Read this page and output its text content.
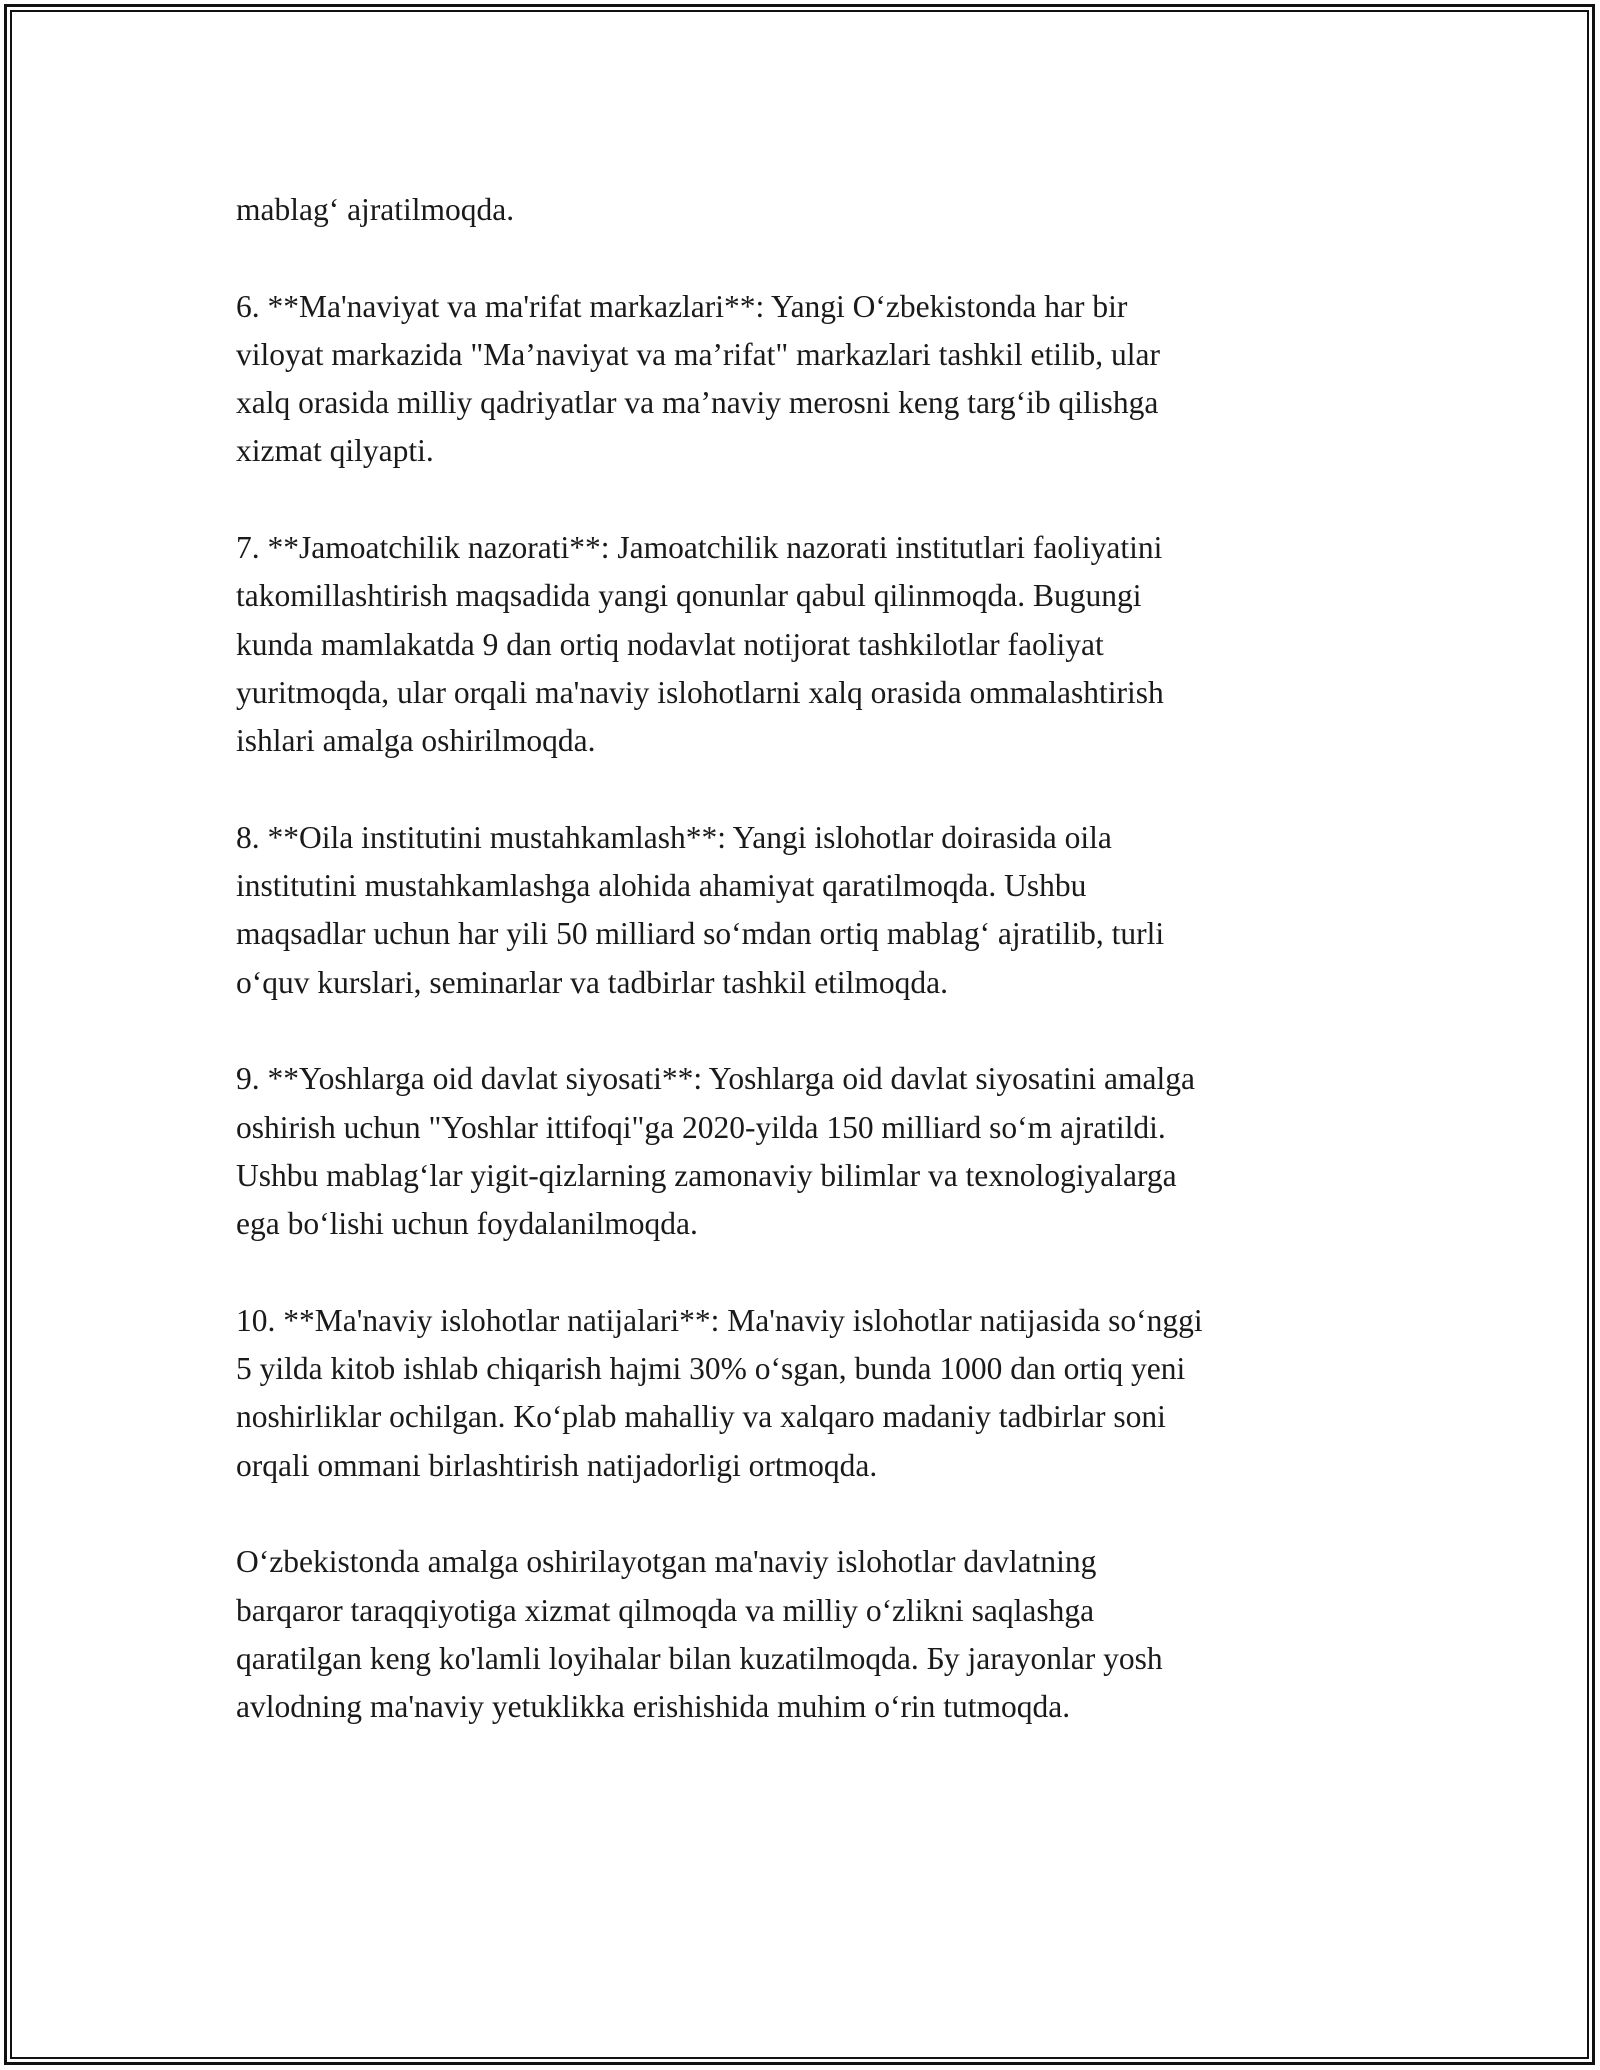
mablag‘ ajratilmoqda.

6. **Ma'naviyat va ma'rifat markazlari**: Yangi O‘zbekistonda har bir
viloyat markazida "Ma’naviyat va ma’rifat" markazlari tashkil etilib, ular
xalq orasida milliy qadriyatlar va ma’naviy merosni keng targ‘ib qilishga
xizmat qilyapti.

7. **Jamoatchilik nazorati**: Jamoatchilik nazorati institutlari faoliyatini
takomillashtirish maqsadida yangi qonunlar qabul qilinmoqda. Bugungi
kunda mamlakatda 9 dan ortiq nodavlat notijorat tashkilotlar faoliyat
yuritmoqda, ular orqali ma'naviy islohotlarni xalq orasida ommalashtirish
ishlari amalga oshirilmoqda.

8. **Oila institutini mustahkamlash**: Yangi islohotlar doirasida oila
institutini mustahkamlashga alohida ahamiyat qaratilmoqda. Ushbu
maqsadlar uchun har yili 50 milliard so‘mdan ortiq mablag‘ ajratilib, turli
o‘quv kurslari, seminarlar va tadbirlar tashkil etilmoqda.

9. **Yoshlarga oid davlat siyosati**: Yoshlarga oid davlat siyosatini amalga
oshirish uchun "Yoshlar ittifoqi"ga 2020-yilda 150 milliard so‘m ajratildi.
Ushbu mablag‘lar yigit-qizlarning zamonaviy bilimlar va texnologiyalarga
ega bo‘lishi uchun foydalanilmoqda.

10. **Ma'naviy islohotlar natijalari**: Ma'naviy islohotlar natijasida so‘nggi
5 yilda kitob ishlab chiqarish hajmi 30% o‘sgan, bunda 1000 dan ortiq yeni
noshirliklar ochilgan. Ko‘plab mahalliy va xalqaro madaniy tadbirlar soni
orqali ommani birlashtirish natijadorligi ortmoqda.

O‘zbekistonda amalga oshirilayotgan ma'naviy islohotlar davlatning
barqaror taraqqiyotiga xizmat qilmoqda va milliy o‘zlikni saqlashga
qaratilgan keng ko'lamli loyihalar bilan kuzatilmoqda. Бу jarayonlar yosh
avlodning ma'naviy yetuklikka erishishida muhim o‘rin tutmoqda.
